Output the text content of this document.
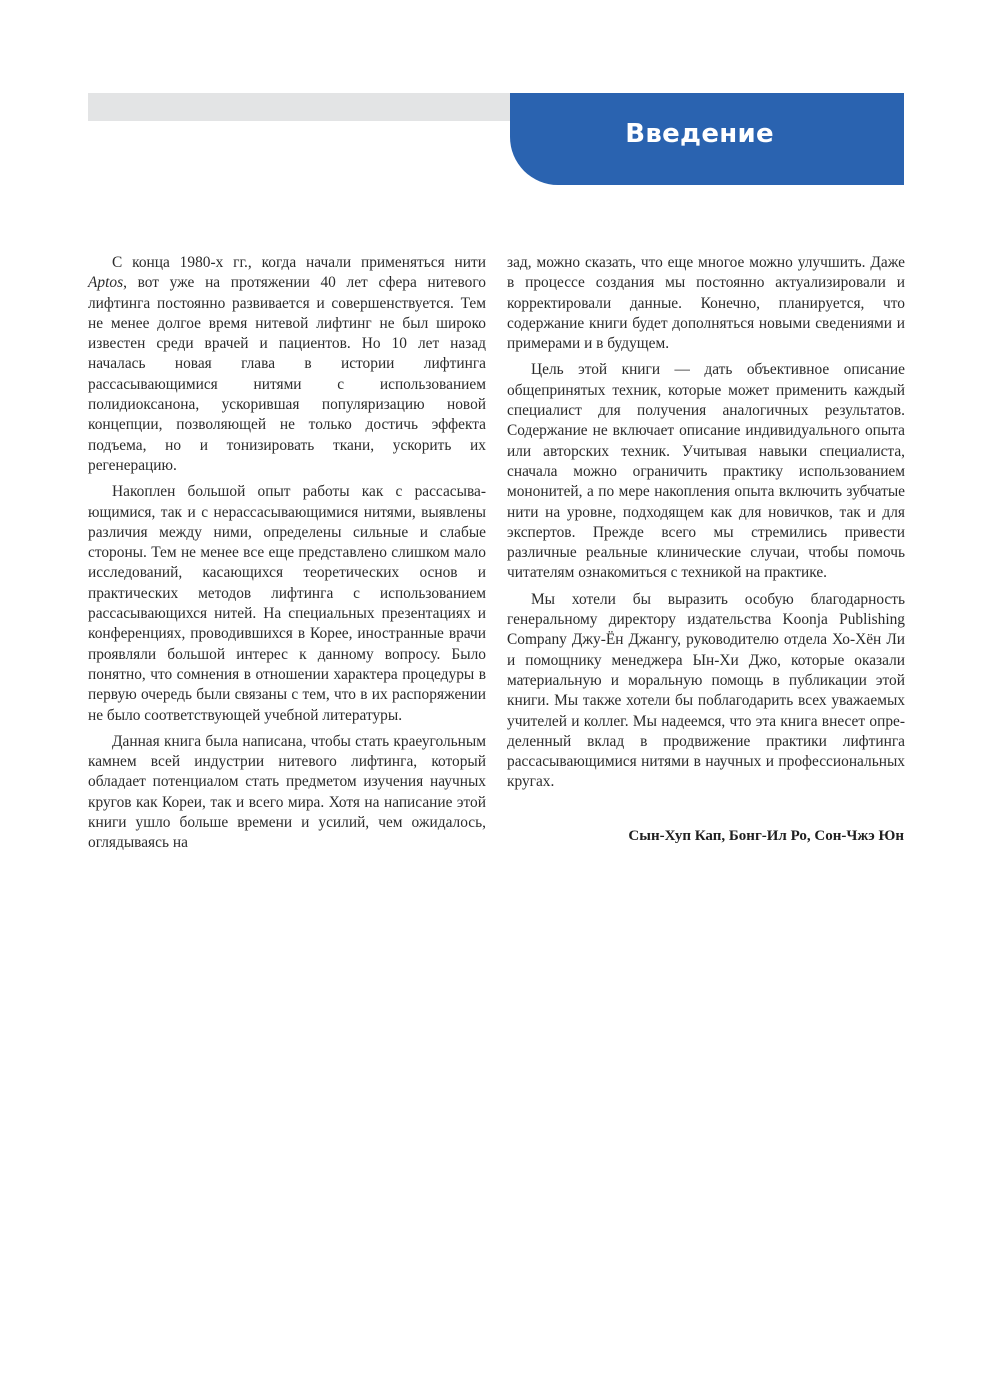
Введение

С конца 1980-х гг., когда начали применяться нити Aptos, вот уже на протяжении 40 лет сфера нитевого лифтинга постоянно развивается и совершенствуется. Тем не менее долгое время нитевой лифтинг не был широко известен среди врачей и пациентов. Но 10 лет назад началась новая глава в истории лифтинга рассасывающимися нитями с использованием полидиоксанона, ускорившая популяризацию новой концепции, позволяющей не только достичь эффекта подъема, но и тонизировать ткани, ускорить их регенерацию.

Накоплен большой опыт работы как с рассасывающимися, так и с нерассасывающимися нитями, выявлены различия между ними, определены сильные и слабые стороны. Тем не менее все еще представлено слишком мало исследований, касающихся теоретических основ и практических методов лифтинга с использованием рассасывающихся нитей. На специальных презентациях и конференциях, проводившихся в Корее, иностранные врачи проявляли большой интерес к данному вопросу. Было понятно, что сомнения в отношении характера процедуры в первую очередь были связаны с тем, что в их распоряжении не было соответствующей учебной литературы.

Данная книга была написана, чтобы стать краеугольным камнем всей индустрии нитевого лифтинга, который обладает потенциалом стать предметом изучения научных кругов как Кореи, так и всего мира. Хотя на написание этой книги ушло больше времени и усилий, чем ожидалось, оглядываясь на

зад, можно сказать, что еще многое можно улучшить. Даже в процессе создания мы постоянно актуализировали и корректировали данные. Конечно, планируется, что содержание книги будет дополняться новыми сведениями и примерами и в будущем.

Цель этой книги — дать объективное описание общепринятых техник, которые может применить каждый специалист для получения аналогичных результатов. Содержание не включает описание индивидуального опыта или авторских техник. Учитывая навыки специалиста, сначала можно ограничить практику использованием мононитей, а по мере накопления опыта включить зубчатые нити на уровне, подходящем как для новичков, так и для экспертов. Прежде всего мы стремились привести различные реальные клинические случаи, чтобы помочь читателям ознакомиться с техникой на практике.

Мы хотели бы выразить особую благодарность генеральному директору издательства Koonja Publishing Company Джу-Ён Джангу, руководителю отдела Хо-Хён Ли и помощнику менеджера Ын-Хи Джо, которые оказали материальную и моральную помощь в публикации этой книги. Мы также хотели бы поблагодарить всех уважаемых учителей и коллег. Мы надеемся, что эта книга внесет определенный вклад в продвижение практики лифтинга рассасывающимися нитями в научных и профессиональных кругах.

Сын-Хуп Кап, Бонг-Ил Ро, Сон-Чжэ Юн
